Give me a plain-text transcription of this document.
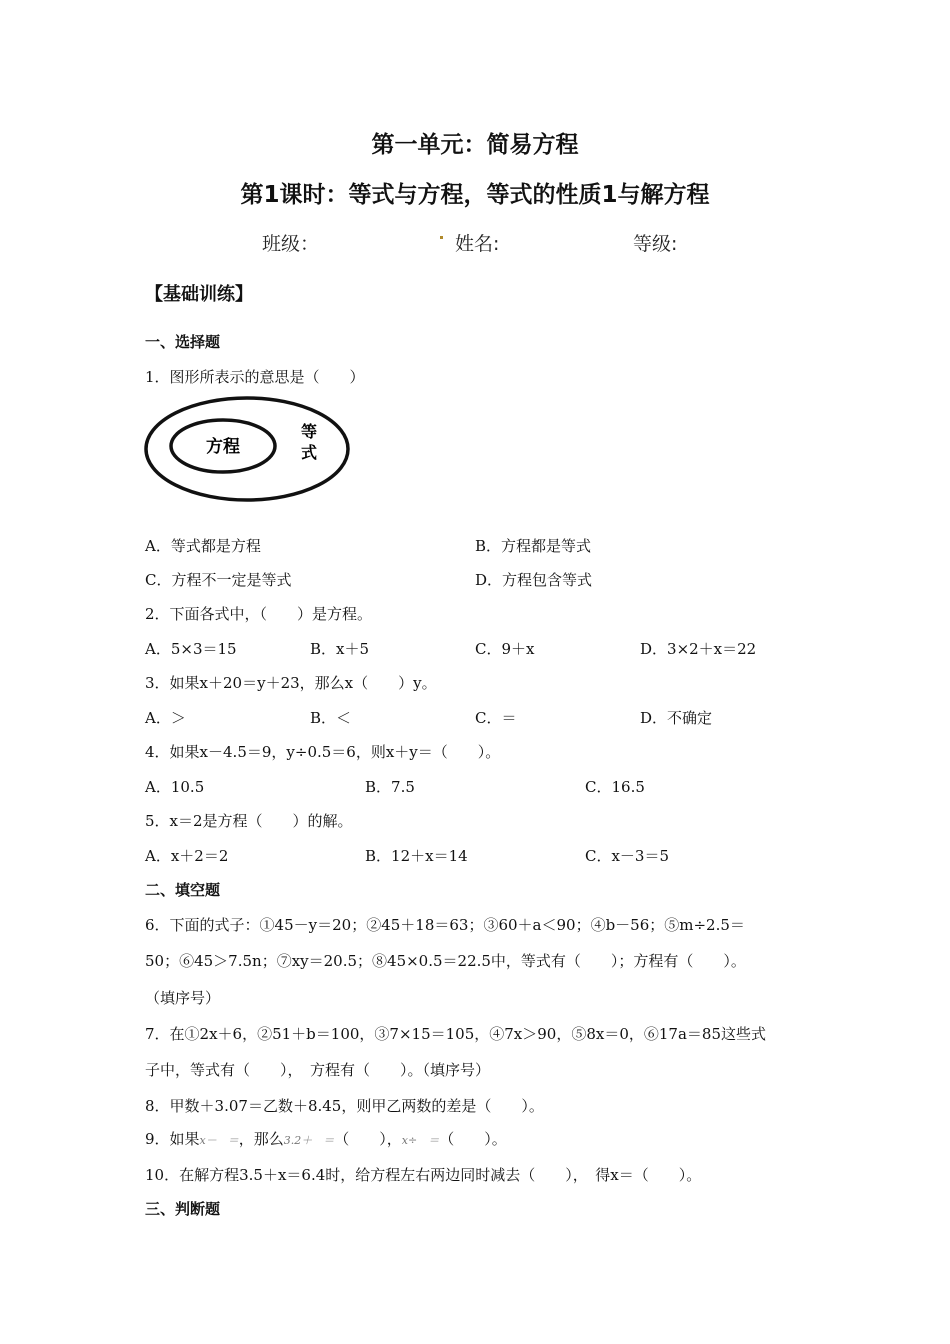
第一单元：简易方程
第1课时：等式与方程，等式的性质1与解方程
班级：	姓名:	等级:
【基础训练】
一、选择题
1．图形所表示的意思是（　　）
方程
等
式
A．等式都是方程	B．方程都是等式
C．方程不一定是等式	D．方程包含等式
2．下面各式中，（　　）是方程。
A．5×3＝15	B．x＋5	C．9＋x	D．3×2＋x＝22
3．如果x＋20＝y＋23，那么x（　　）y。
A．＞	B．＜	C．＝	D．不确定
4．如果x－4.5＝9，y÷0.5＝6，则x＋y＝（　　）。
A．10.5	B．7.5	C．16.5
5．x＝2是方程（　　）的解。
A．x＋2＝2	B．12＋x＝14	C．x－3＝5
二、填空题
6．下面的式子：①45－y＝20；②45＋18＝63；③60＋a＜90；④b－56；⑤m÷2.5＝
50；⑥45＞7.5n；⑦xy＝20.5；⑧45×0.5＝22.5中，等式有（　　）；方程有（　　）。
（填序号）
7．在①2x＋6，②51＋b＝100，③7×15＝105，④7x＞90，⑤8x＝0，⑥17a＝85这些式
子中，等式有（　　），　方程有（　　）。（填序号）
8．甲数＋3.07＝乙数＋8.45，则甲乙两数的差是（　　）。
9．如果x－　＝，那么3.2＋　＝（　　），x÷　＝（　　）。
10．在解方程3.5＋x＝6.4时，给方程左右两边同时减去（　　），　得x＝（　　）。
三、判断题
